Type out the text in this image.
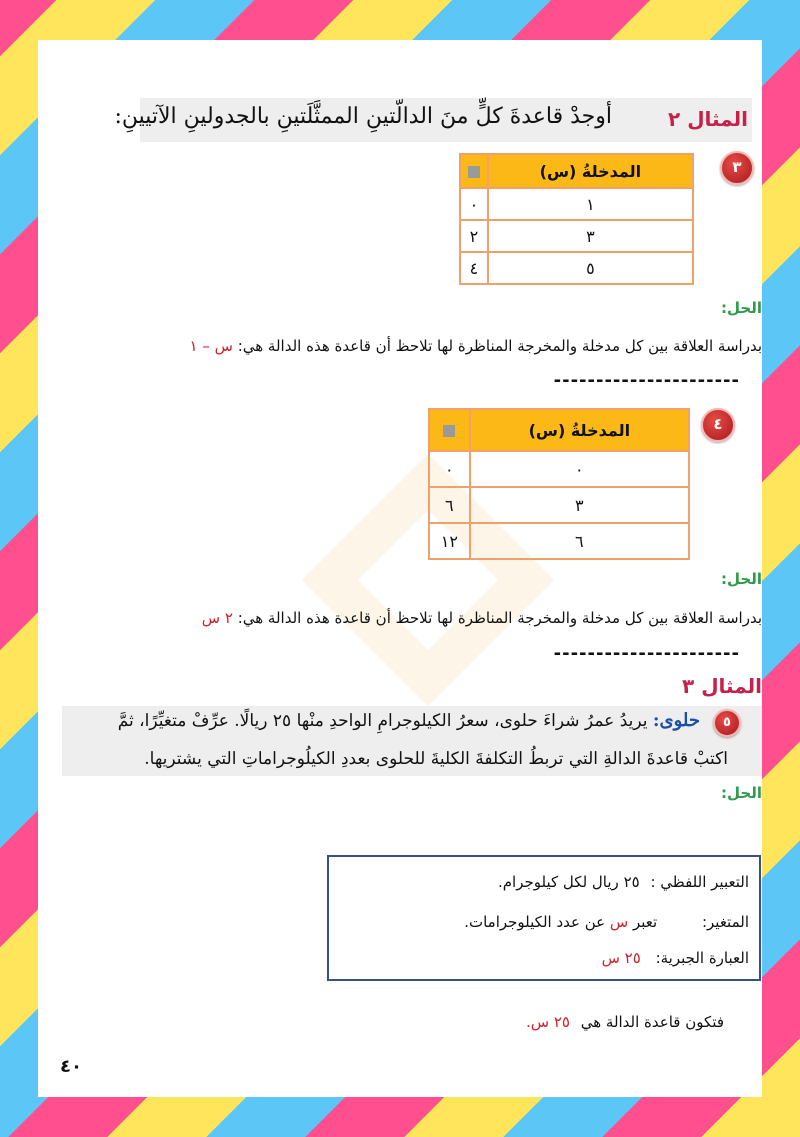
المثال ٢
أوجدْ قاعدةَ كلٍّ منَ الدالّتينِ الممثَّلَتينِ بالجدولينِ الآتيينِ:
٣
المدخلةُ (س)	
١	٠
٣	٢
٥	٤
الحل:
بدراسة العلاقة بين كل مدخلة والمخرجة المناظرة لها تلاحظ أن قاعدة هذه الدالة هي: س – ١
----------------------
٤
المدخلةُ (س)	
٠	٠
٣	٦
٦	١٢
الحل:
بدراسة العلاقة بين كل مدخلة والمخرجة المناظرة لها تلاحظ أن قاعدة هذه الدالة هي: ٢ س
----------------------
المثال ٣
٥
حلوى: يريدُ عمرُ شراءَ حلوى، سعرُ الكيلوجرامِ الواحدِ منْها ٢٥ ريالًا. عرِّفْ متغيِّرًا، ثمَّ
اكتبْ قاعدةَ الدالةِ التي تربطُ التكلفةَ الكليةَ للحلوى بعددِ الكيلُوجراماتِ التي يشتريها.
الحل:
التعبير اللفظي : ٢٥ ريال لكل كيلوجرام.
المتغير: تعبر س عن عدد الكيلوجرامات.
العبارة الجبرية: ٢٥ س
فتكون قاعدة الدالة هي ٢٥ س.
٤٠
